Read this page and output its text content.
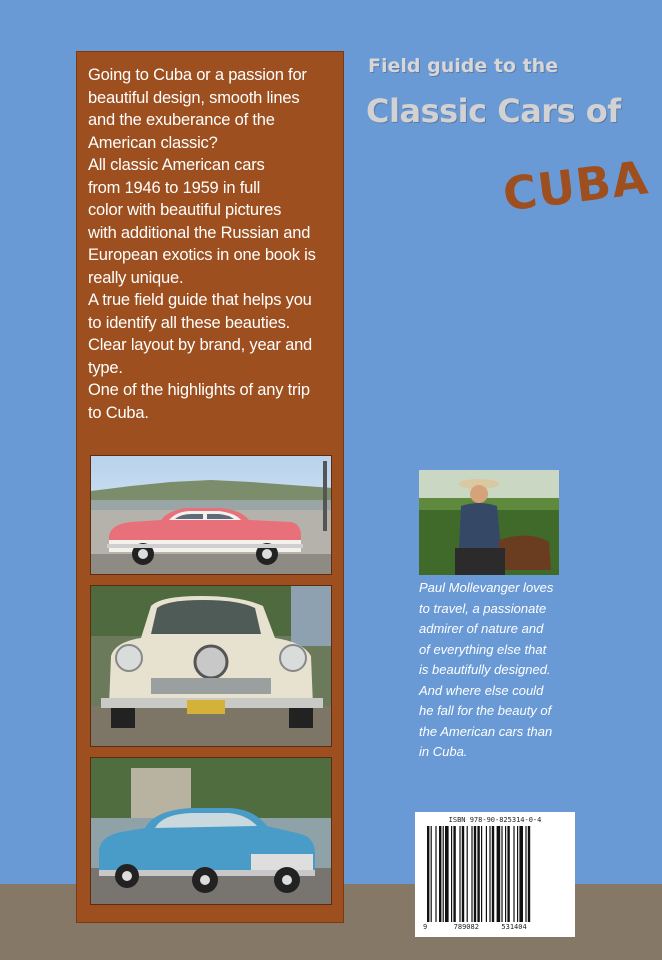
Going to Cuba or a passion for

beautiful design, smooth lines

and the exuberance of the

American classic?

All classic American cars

from 1946 to 1959 in full

color with beautiful pictures

with additional the Russian and

European exotics in one book is

really unique.

A true field guide that helps you

to identify all these beauties.

Clear layout by brand, year and

type.

One of the highlights of any trip

to Cuba.

Field guide to the
Classic Cars of
CUBA
Paul Mollevanger loves
to travel, a passionate
admirer of nature and
of everything else that
is beautifully designed.
And where else could
he fall for the beauty of
the American cars than
in Cuba.
ISBN 978-90-825314-0-4
9	789082	531404
